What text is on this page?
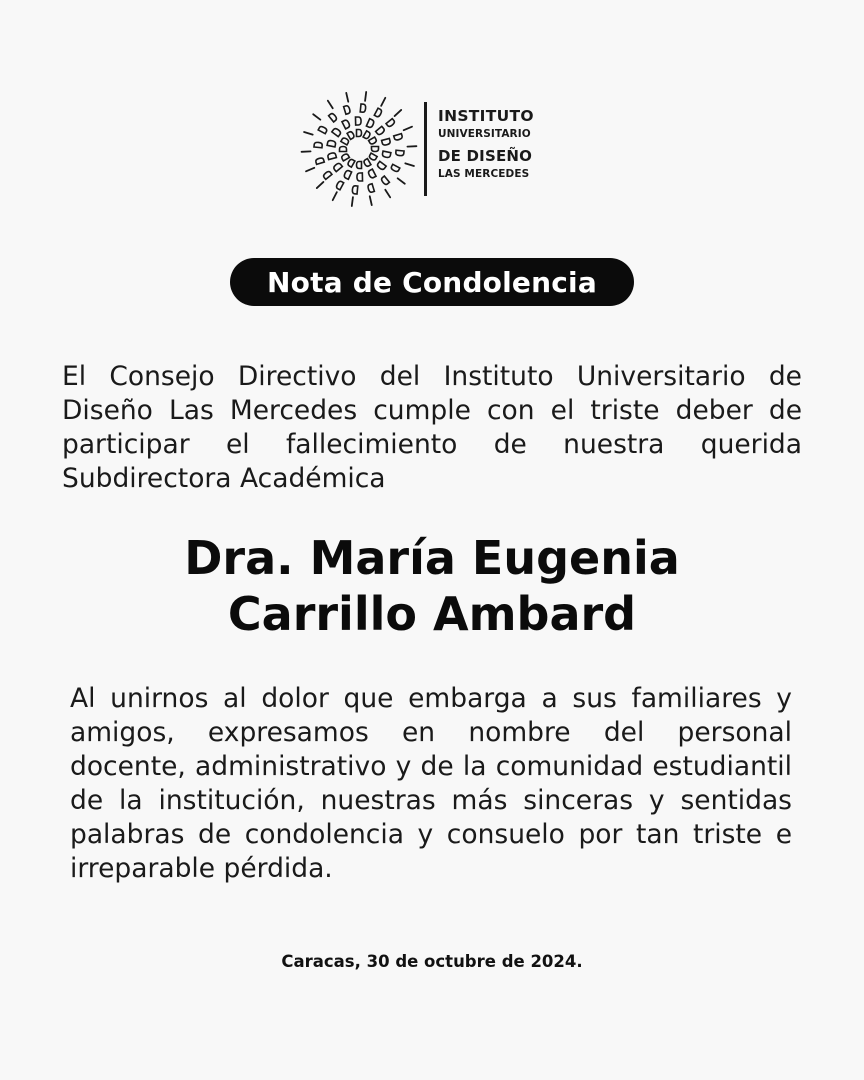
INSTITUTO
UNIVERSITARIO
DE DISEÑO
LAS MERCEDES
Nota de Condolencia
El Consejo Directivo del Instituto Universitario de Diseño Las Mercedes cumple con el triste deber de participar el fallecimiento de nuestra querida Subdirectora Académica
Dra. María Eugenia
Carrillo Ambard
Al unirnos al dolor que embarga a sus familiares y amigos, expresamos en nombre del personal docente, administrativo y de la comunidad estudiantil de la institución, nuestras más sinceras y sentidas palabras de condolencia y consuelo por tan triste e irreparable pérdida.
Caracas, 30 de octubre de 2024.
